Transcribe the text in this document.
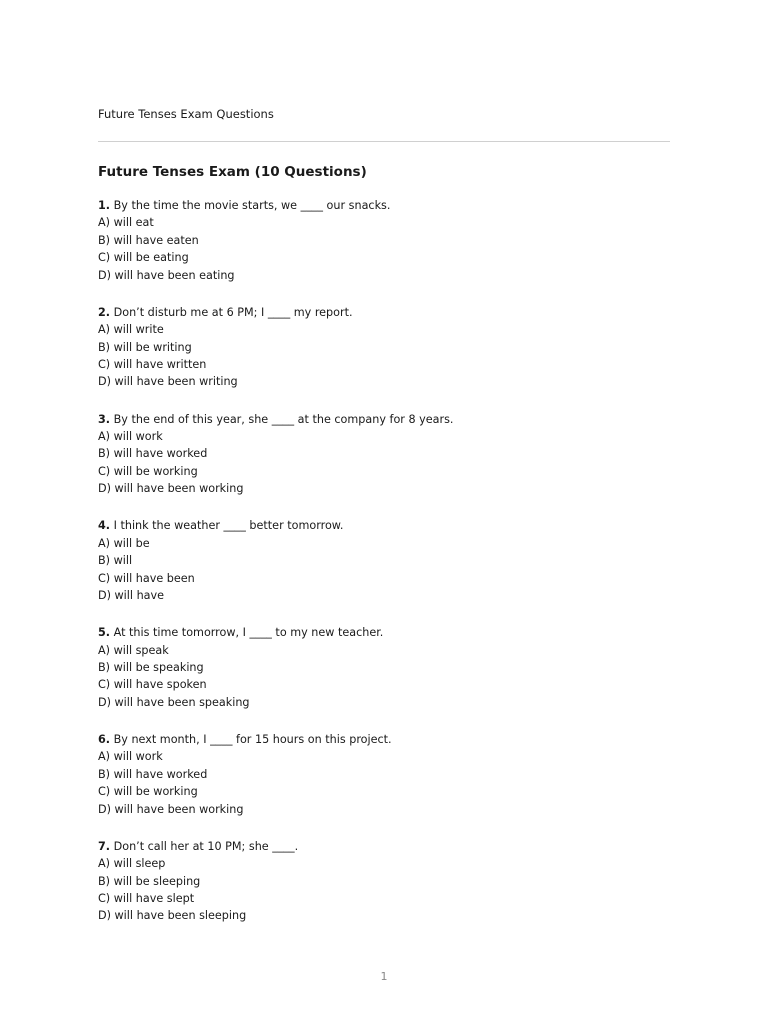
Future Tenses Exam Questions
Future Tenses Exam (10 Questions)
1. By the time the movie starts, we ____ our snacks.
A) will eat
B) will have eaten
C) will be eating
D) will have been eating
2. Don’t disturb me at 6 PM; I ____ my report.
A) will write
B) will be writing
C) will have written
D) will have been writing
3. By the end of this year, she ____ at the company for 8 years.
A) will work
B) will have worked
C) will be working
D) will have been working
4. I think the weather ____ better tomorrow.
A) will be
B) will
C) will have been
D) will have
5. At this time tomorrow, I ____ to my new teacher.
A) will speak
B) will be speaking
C) will have spoken
D) will have been speaking
6. By next month, I ____ for 15 hours on this project.
A) will work
B) will have worked
C) will be working
D) will have been working
7. Don’t call her at 10 PM; she ____.
A) will sleep
B) will be sleeping
C) will have slept
D) will have been sleeping
1
